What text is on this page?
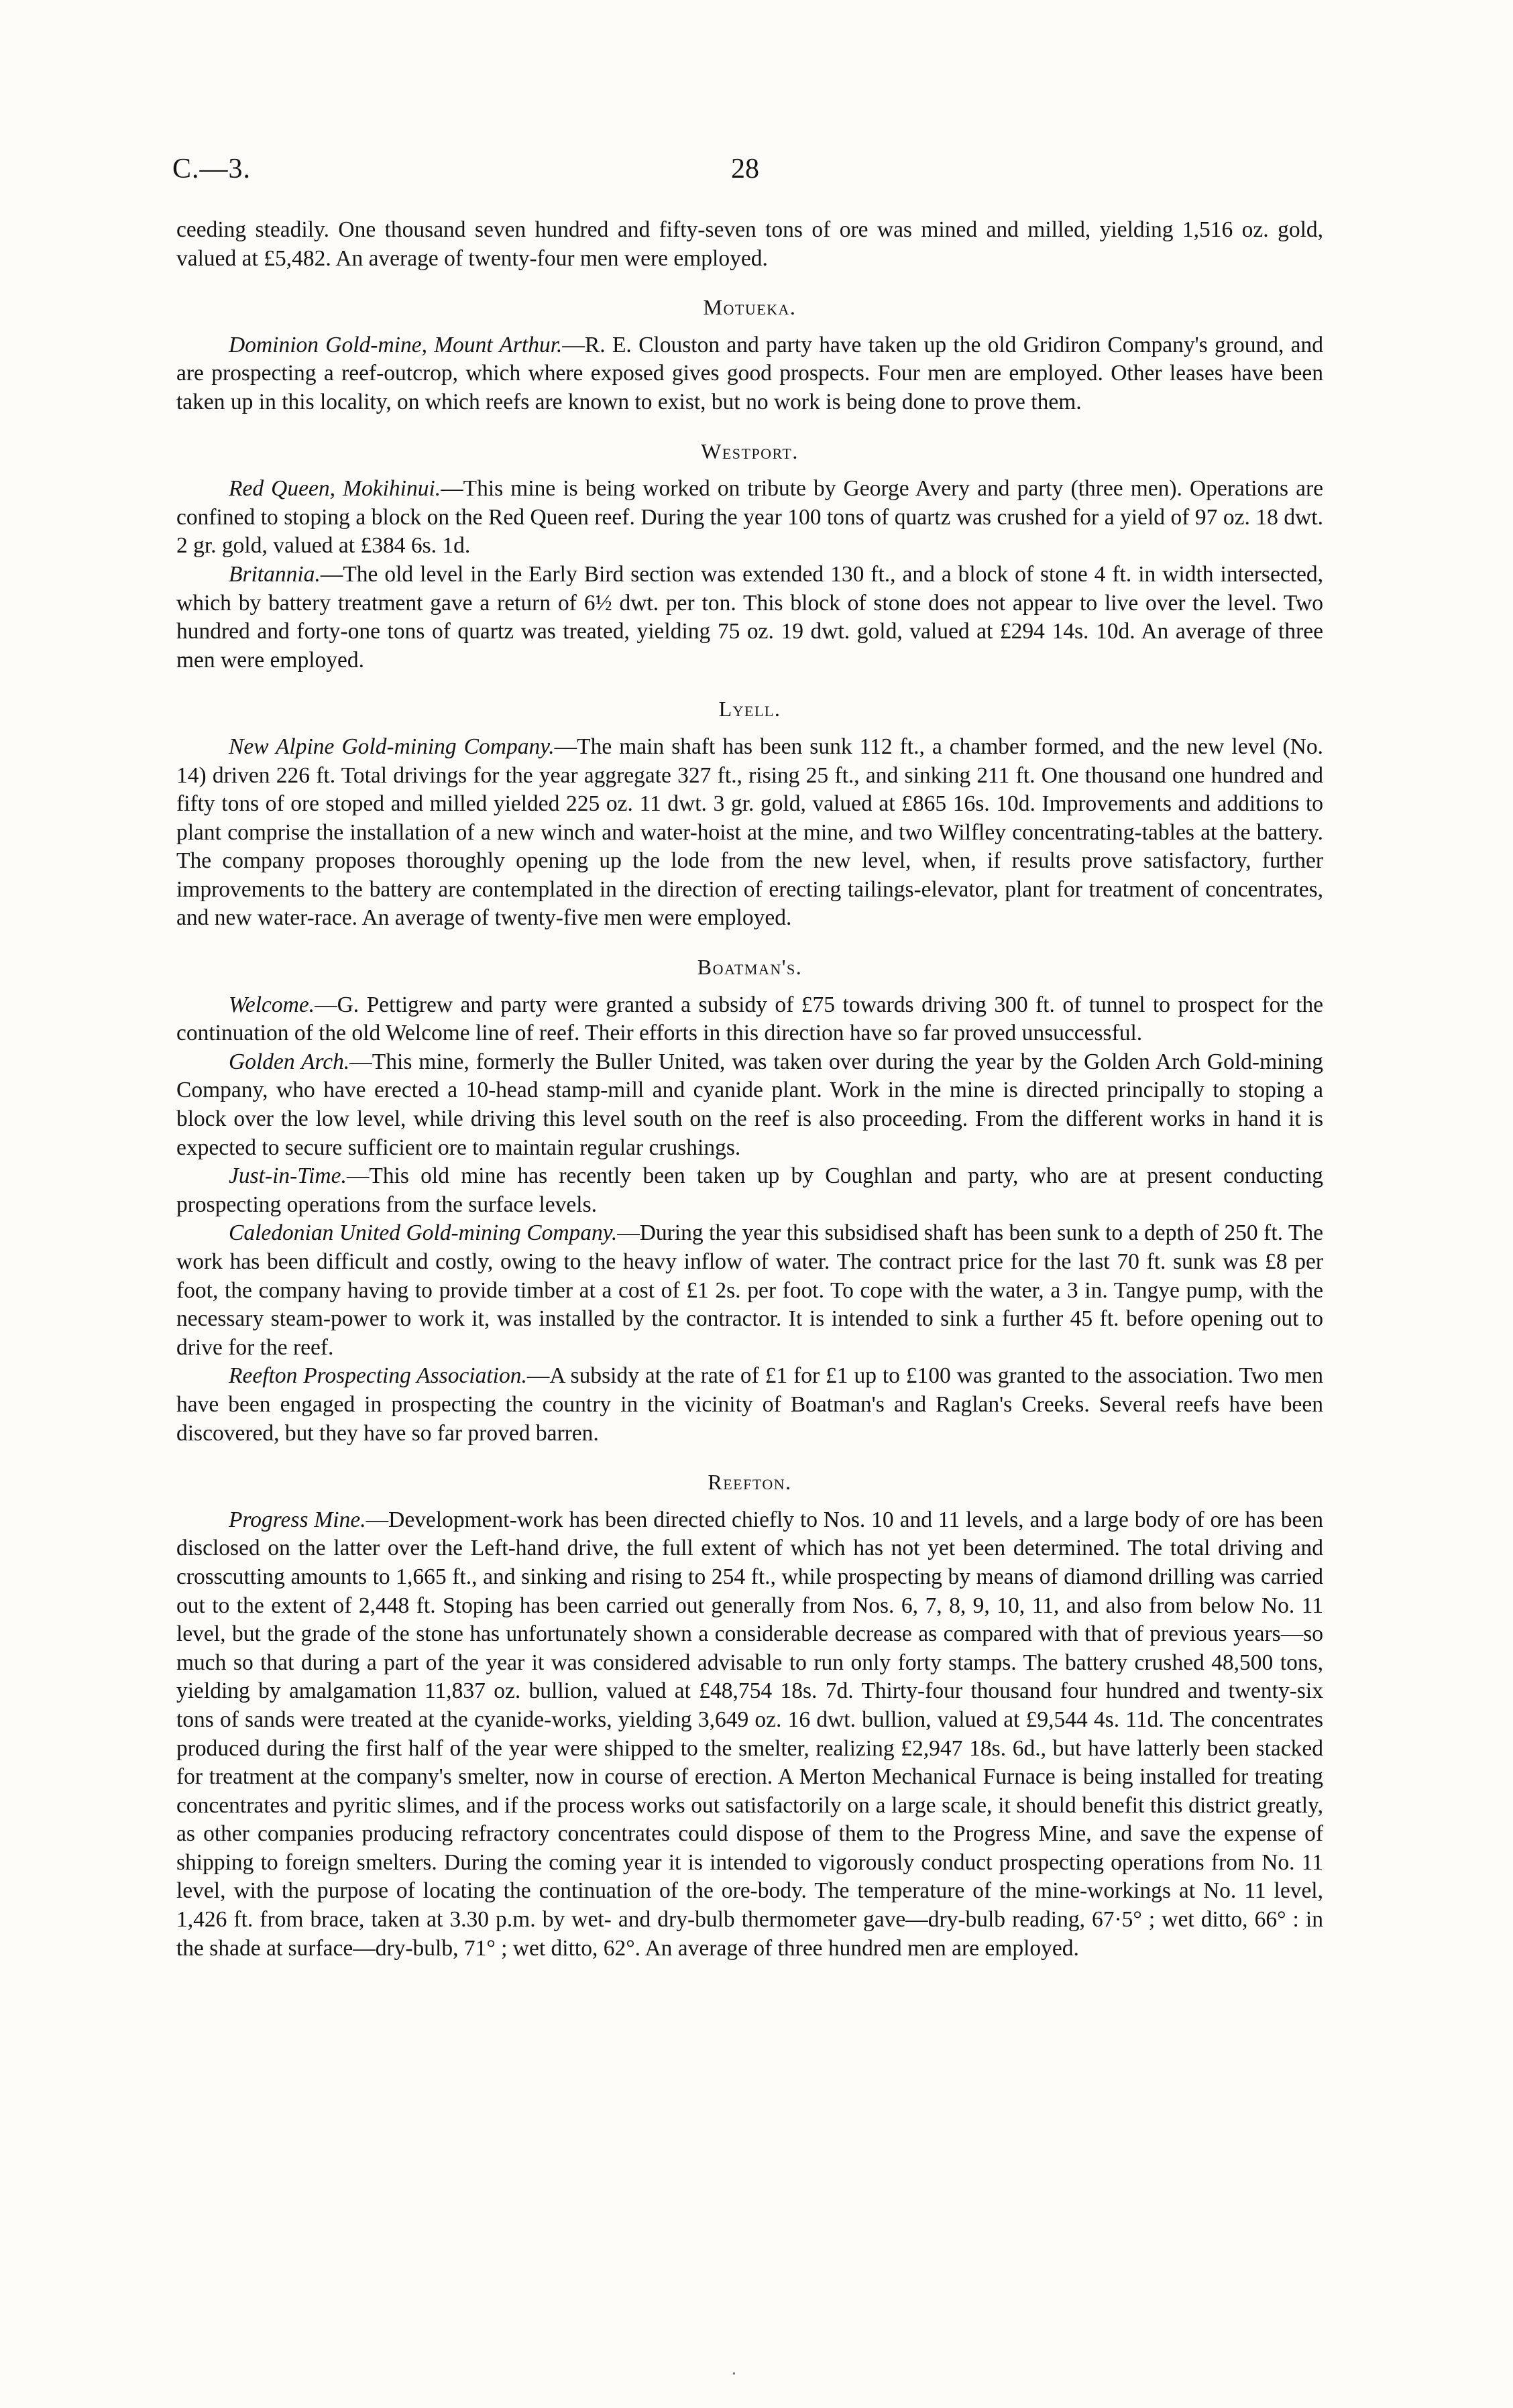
C.—3.	28

ceeding steadily. One thousand seven hundred and fifty-seven tons of ore was mined and milled, yielding 1,516 oz. gold, valued at £5,482. An average of twenty-four men were employed.

Motueka.

Dominion Gold-mine, Mount Arthur.—R. E. Clouston and party have taken up the old Gridiron Company's ground, and are prospecting a reef-outcrop, which where exposed gives good prospects. Four men are employed. Other leases have been taken up in this locality, on which reefs are known to exist, but no work is being done to prove them.

Westport.

Red Queen, Mokihinui.—This mine is being worked on tribute by George Avery and party (three men). Operations are confined to stoping a block on the Red Queen reef. During the year 100 tons of quartz was crushed for a yield of 97 oz. 18 dwt. 2 gr. gold, valued at £384 6s. 1d.

Britannia.—The old level in the Early Bird section was extended 130 ft., and a block of stone 4 ft. in width intersected, which by battery treatment gave a return of 6½ dwt. per ton. This block of stone does not appear to live over the level. Two hundred and forty-one tons of quartz was treated, yielding 75 oz. 19 dwt. gold, valued at £294 14s. 10d. An average of three men were employed.

Lyell.

New Alpine Gold-mining Company.—The main shaft has been sunk 112 ft., a chamber formed, and the new level (No. 14) driven 226 ft. Total drivings for the year aggregate 327 ft., rising 25 ft., and sinking 211 ft. One thousand one hundred and fifty tons of ore stoped and milled yielded 225 oz. 11 dwt. 3 gr. gold, valued at £865 16s. 10d. Improvements and additions to plant comprise the installation of a new winch and water-hoist at the mine, and two Wilfley concentrating-tables at the battery. The company proposes thoroughly opening up the lode from the new level, when, if results prove satisfactory, further improvements to the battery are contemplated in the direction of erecting tailings-elevator, plant for treatment of concentrates, and new water-race. An average of twenty-five men were employed.

Boatman's.

Welcome.—G. Pettigrew and party were granted a subsidy of £75 towards driving 300 ft. of tunnel to prospect for the continuation of the old Welcome line of reef. Their efforts in this direction have so far proved unsuccessful.

Golden Arch.—This mine, formerly the Buller United, was taken over during the year by the Golden Arch Gold-mining Company, who have erected a 10-head stamp-mill and cyanide plant. Work in the mine is directed principally to stoping a block over the low level, while driving this level south on the reef is also proceeding. From the different works in hand it is expected to secure sufficient ore to maintain regular crushings.

Just-in-Time.—This old mine has recently been taken up by Coughlan and party, who are at present conducting prospecting operations from the surface levels.

Caledonian United Gold-mining Company.—During the year this subsidised shaft has been sunk to a depth of 250 ft. The work has been difficult and costly, owing to the heavy inflow of water. The contract price for the last 70 ft. sunk was £8 per foot, the company having to provide timber at a cost of £1 2s. per foot. To cope with the water, a 3 in. Tangye pump, with the necessary steam-power to work it, was installed by the contractor. It is intended to sink a further 45 ft. before opening out to drive for the reef.

Reefton Prospecting Association.—A subsidy at the rate of £1 for £1 up to £100 was granted to the association. Two men have been engaged in prospecting the country in the vicinity of Boatman's and Raglan's Creeks. Several reefs have been discovered, but they have so far proved barren.

Reefton.

Progress Mine.—Development-work has been directed chiefly to Nos. 10 and 11 levels, and a large body of ore has been disclosed on the latter over the Left-hand drive, the full extent of which has not yet been determined. The total driving and crosscutting amounts to 1,665 ft., and sinking and rising to 254 ft., while prospecting by means of diamond drilling was carried out to the extent of 2,448 ft. Stoping has been carried out generally from Nos. 6, 7, 8, 9, 10, 11, and also from below No. 11 level, but the grade of the stone has unfortunately shown a considerable decrease as compared with that of previous years—so much so that during a part of the year it was considered advisable to run only forty stamps. The battery crushed 48,500 tons, yielding by amalgamation 11,837 oz. bullion, valued at £48,754 18s. 7d. Thirty-four thousand four hundred and twenty-six tons of sands were treated at the cyanide-works, yielding 3,649 oz. 16 dwt. bullion, valued at £9,544 4s. 11d. The concentrates produced during the first half of the year were shipped to the smelter, realizing £2,947 18s. 6d., but have latterly been stacked for treatment at the company's smelter, now in course of erection. A Merton Mechanical Furnace is being installed for treating concentrates and pyritic slimes, and if the process works out satisfactorily on a large scale, it should benefit this district greatly, as other companies producing refractory concentrates could dispose of them to the Progress Mine, and save the expense of shipping to foreign smelters. During the coming year it is intended to vigorously conduct prospecting operations from No. 11 level, with the purpose of locating the continuation of the ore-body. The temperature of the mine-workings at No. 11 level, 1,426 ft. from brace, taken at 3.30 p.m. by wet- and dry-bulb thermometer gave—dry-bulb reading, 67·5° ; wet ditto, 66° : in the shade at surface—dry-bulb, 71° ; wet ditto, 62°. An average of three hundred men are employed.
